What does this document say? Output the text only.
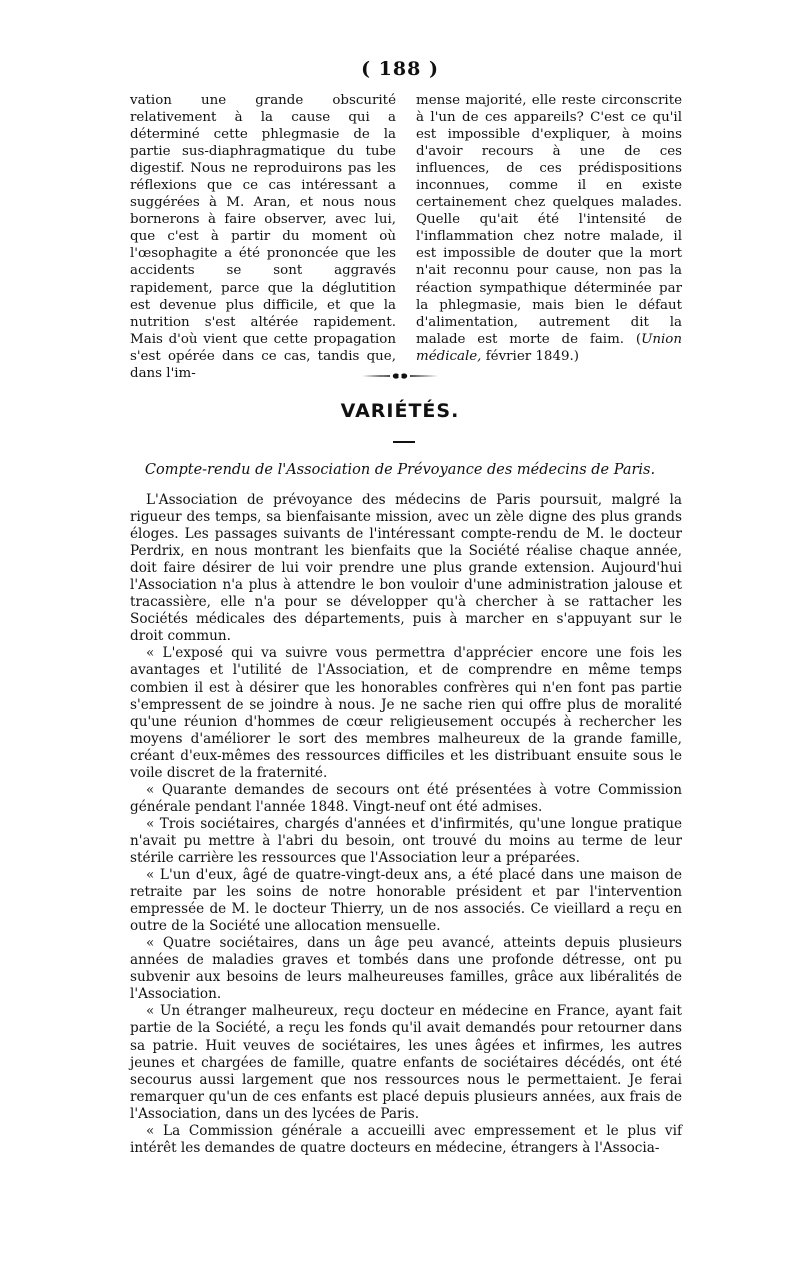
( 188 )

vation une grande obscurité relativement à la cause qui a déterminé cette phlegmasie de la partie sus-diaphragmatique du tube digestif. Nous ne reproduirons pas les réflexions que ce cas intéressant a suggérées à M. Aran, et nous nous bornerons à faire observer, avec lui, que c'est à partir du moment où l'œsophagite a été prononcée que les accidents se sont aggravés rapidement, parce que la déglutition est devenue plus difficile, et que la nutrition s'est altérée rapidement. Mais d'où vient que cette propagation s'est opérée dans ce cas, tandis que, dans l'im-

mense majorité, elle reste circonscrite à l'un de ces appareils? C'est ce qu'il est impossible d'expliquer, à moins d'avoir recours à une de ces influences, de ces prédispositions inconnues, comme il en existe certainement chez quelques malades. Quelle qu'ait été l'intensité de l'inflammation chez notre malade, il est impossible de douter que la mort n'ait reconnu pour cause, non pas la réaction sympathique déterminée par la phlegmasie, mais bien le défaut d'alimentation, autrement dit la malade est morte de faim. (Union médicale, février 1849.)

VARIÉTÉS.
Compte-rendu de l'Association de Prévoyance des médecins de Paris.

L'Association de prévoyance des médecins de Paris poursuit, malgré la rigueur des temps, sa bienfaisante mission, avec un zèle digne des plus grands éloges. Les passages suivants de l'intéressant compte-rendu de M. le docteur Perdrix, en nous montrant les bienfaits que la Société réalise chaque année, doit faire désirer de lui voir prendre une plus grande extension. Aujourd'hui l'Association n'a plus à attendre le bon vouloir d'une administration jalouse et tracassière, elle n'a pour se développer qu'à chercher à se rattacher les Sociétés médicales des départements, puis à marcher en s'appuyant sur le droit commun.

« L'exposé qui va suivre vous permettra d'apprécier encore une fois les avantages et l'utilité de l'Association, et de comprendre en même temps combien il est à désirer que les honorables confrères qui n'en font pas partie s'empressent de se joindre à nous. Je ne sache rien qui offre plus de moralité qu'une réunion d'hommes de cœur religieusement occupés à rechercher les moyens d'améliorer le sort des membres malheureux de la grande famille, créant d'eux-mêmes des ressources difficiles et les distribuant ensuite sous le voile discret de la fraternité.

« Quarante demandes de secours ont été présentées à votre Commission générale pendant l'année 1848. Vingt-neuf ont été admises.

« Trois sociétaires, chargés d'années et d'infirmités, qu'une longue pratique n'avait pu mettre à l'abri du besoin, ont trouvé du moins au terme de leur stérile carrière les ressources que l'Association leur a préparées.

« L'un d'eux, âgé de quatre-vingt-deux ans, a été placé dans une maison de retraite par les soins de notre honorable président et par l'intervention empressée de M. le docteur Thierry, un de nos associés. Ce vieillard a reçu en outre de la Société une allocation mensuelle.

« Quatre sociétaires, dans un âge peu avancé, atteints depuis plusieurs années de maladies graves et tombés dans une profonde détresse, ont pu subvenir aux besoins de leurs malheureuses familles, grâce aux libéralités de l'Association.

« Un étranger malheureux, reçu docteur en médecine en France, ayant fait partie de la Société, a reçu les fonds qu'il avait demandés pour retourner dans sa patrie. Huit veuves de sociétaires, les unes âgées et infirmes, les autres jeunes et chargées de famille, quatre enfants de sociétaires décédés, ont été secourus aussi largement que nos ressources nous le permettaient. Je ferai remarquer qu'un de ces enfants est placé depuis plusieurs années, aux frais de l'Association, dans un des lycées de Paris.

« La Commission générale a accueilli avec empressement et le plus vif intérêt les demandes de quatre docteurs en médecine, étrangers à l'Associa-
